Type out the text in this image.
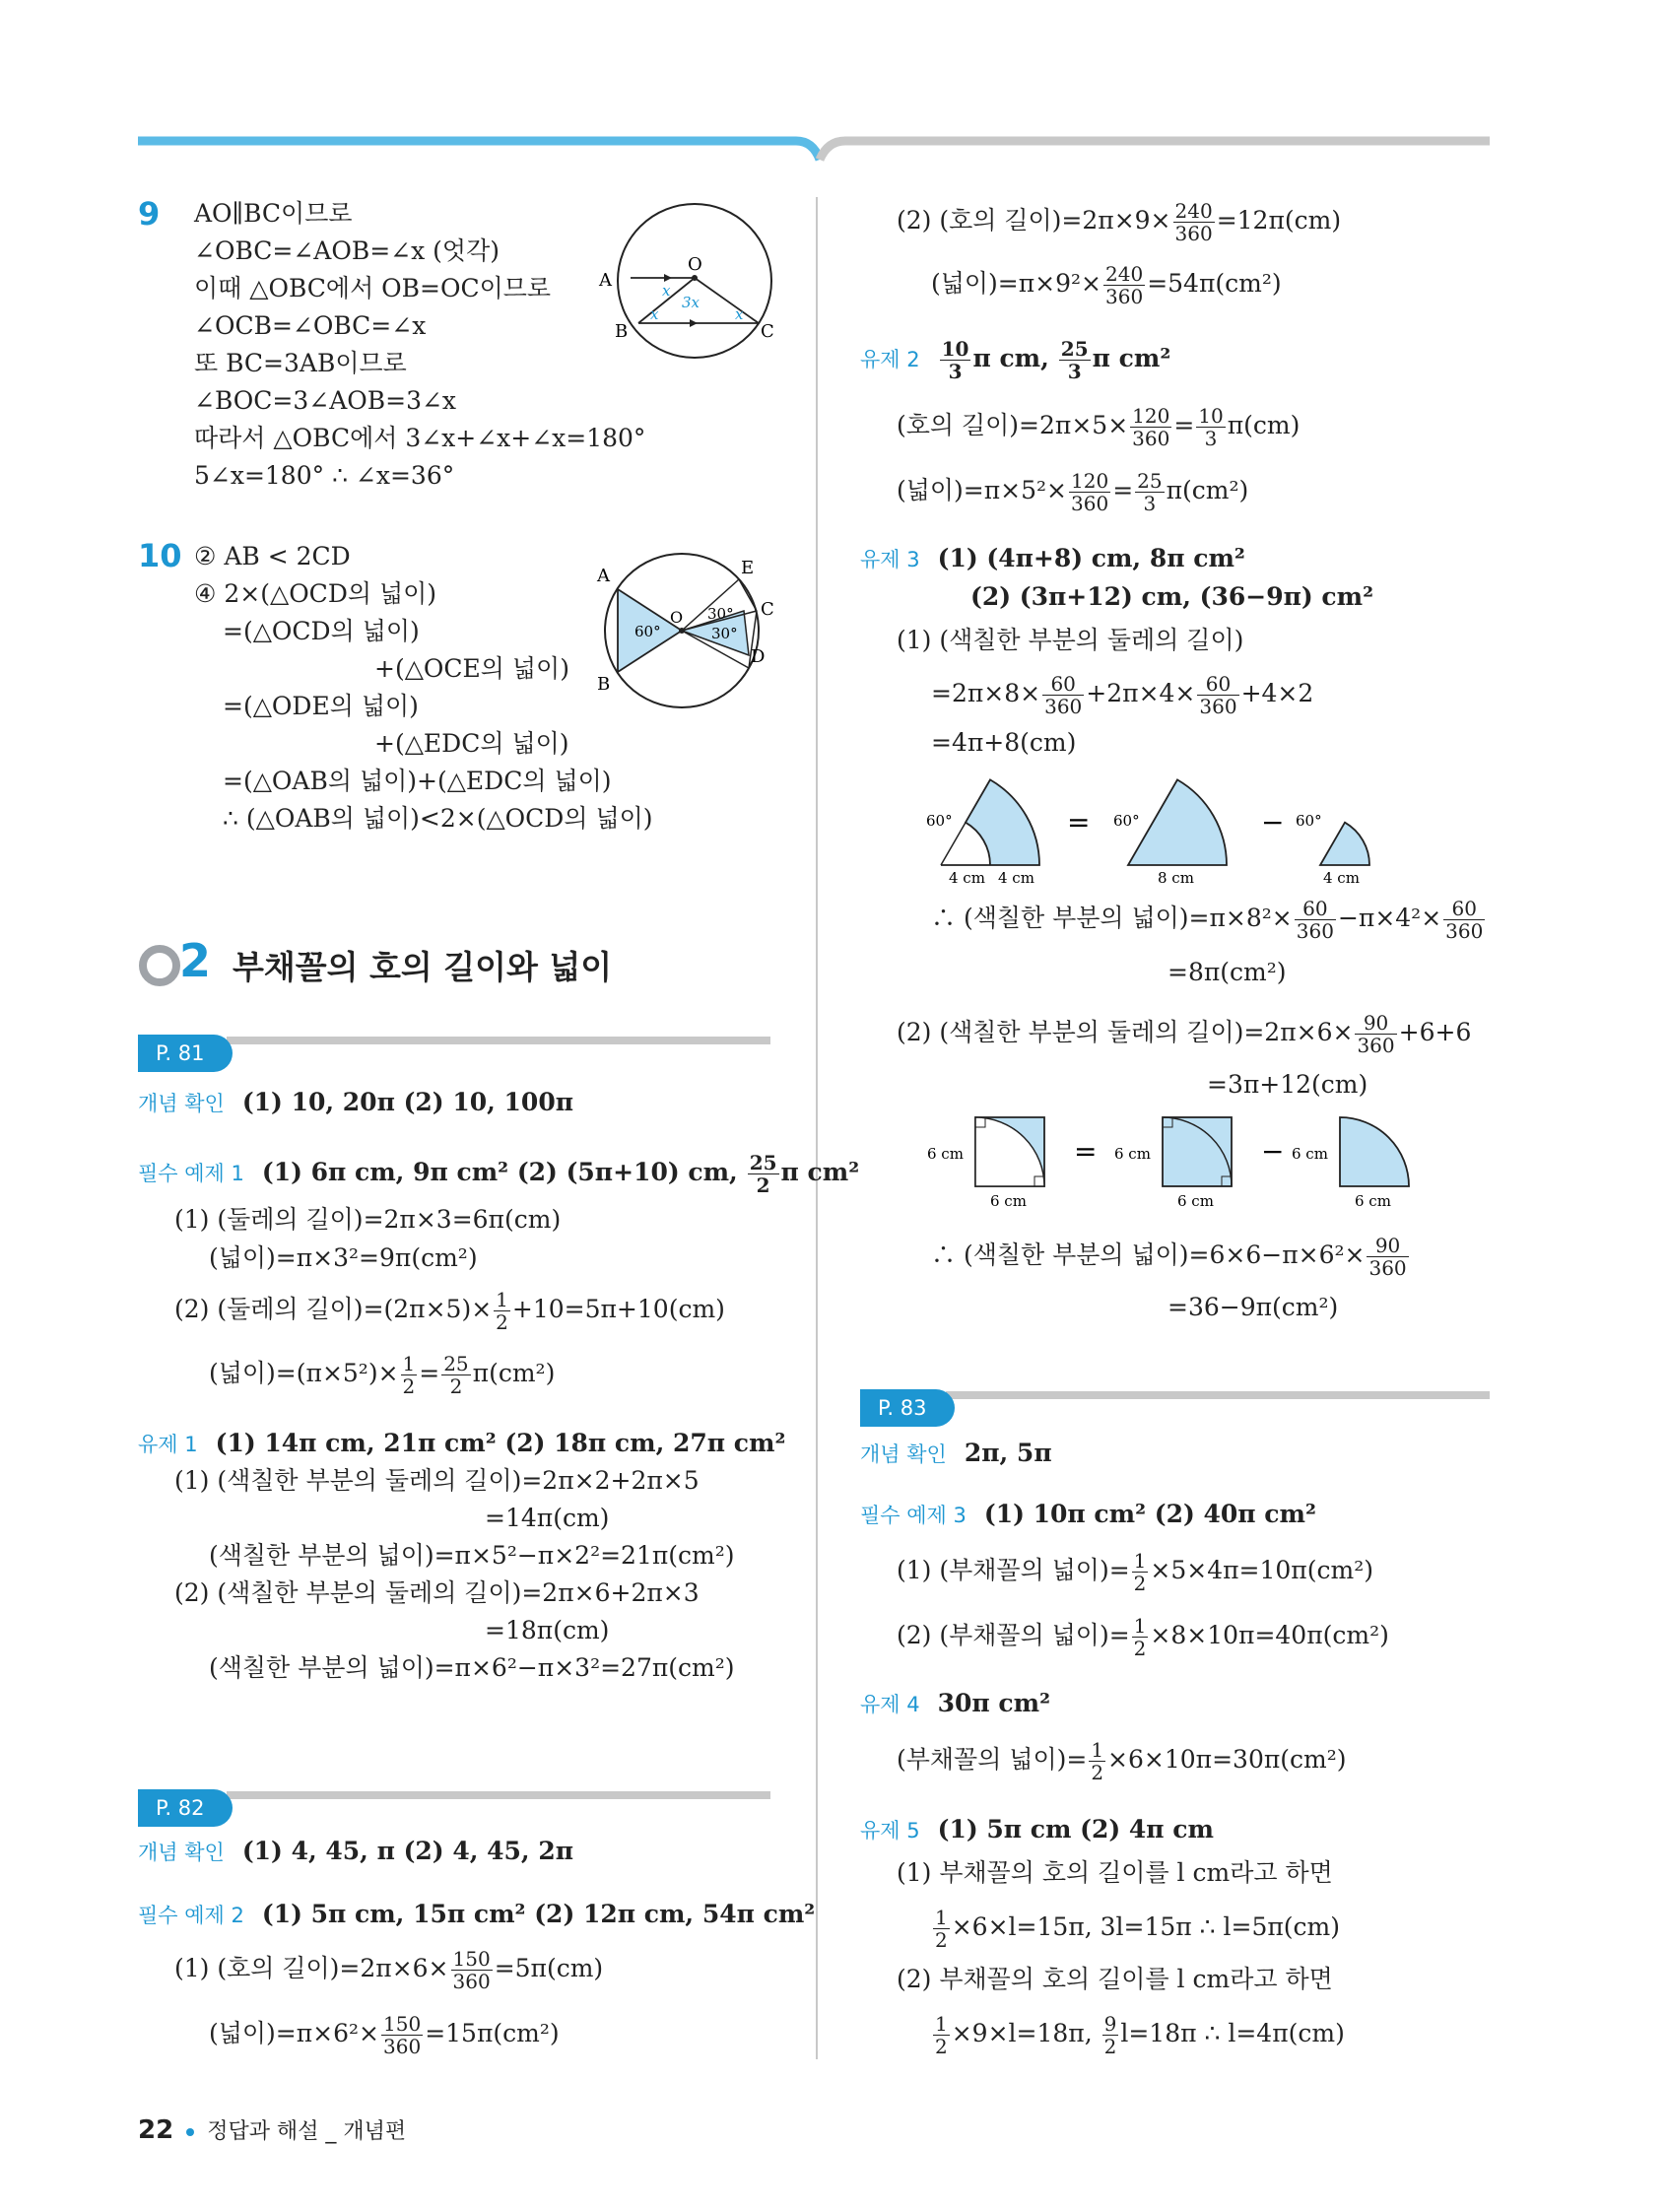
9 AO∥BC이므로
∠OBC=∠AOB=∠x (엇각)
이때 △OBC에서 OB=OC이므로
∠OCB=∠OBC=∠x
또 BC=3AB이므로
∠BOC=3∠AOB=3∠x
따라서 △OBC에서 3∠x+∠x+∠x=180°
5∠x=180° ∴ ∠x=36°
A
B	C
O
x
3x
x	x
10 ② AB < 2CD
④ 2×(△OCD의 넓이)
=(△OCD의 넓이)
+(△OCE의 넓이)
=(△ODE의 넓이)
+(△EDC의 넓이)
=(△OAB의 넓이)+(△EDC의 넓이)
∴ (△OAB의 넓이)<2×(△OCD의 넓이)
A
B
E
C
D
O
60°
30°
30°
2 부채꼴의 호의 길이와 넓이
P. 81
개념 확인 (1) 10, 20π (2) 10, 100π
필수 예제 1 (1) 6π cm, 9π cm² (2) (5π+10) cm, $\frac{25}{2}$ π cm²
(1) (둘레의 길이)=2π×3=6π(cm)
(넓이)=π×3²=9π(cm²)
(2) (둘레의 길이)$=(2\pi\times 5)\times \frac{1}{2} +10=5\pi+10(cm)$
(넓이)$=(\pi\times 5^2)\times \frac{1}{2} = \frac{25}{2} \pi(cm^2)$
유제 1 (1) 14π cm, 21π cm² (2) 18π cm, 27π cm²
(1) (색칠한 부분의 둘레의 길이)=2π×2+2π×5
=14π(cm)
(색칠한 부분의 넓이)=π×5²−π×2²=21π(cm²)
(2) (색칠한 부분의 둘레의 길이)=2π×6+2π×3
=18π(cm)
(색칠한 부분의 넓이)=π×6²−π×3²=27π(cm²)
P. 82
개념 확인 (1) 4, 45, π (2) 4, 45, 2π
필수 예제 2 (1) 5π cm, 15π cm² (2) 12π cm, 54π cm²
(1) (호의 길이)$=2\pi\times 6\times \frac{150}{360} =5\pi(cm)$
(넓이)$=\pi\times 6^2\times \frac{150}{360} =15\pi(cm^2)$
22 정답과 해설 _ 개념편
(2) (호의 길이)$=2\pi\times 9\times \frac{240}{360} =12\pi(cm)$
(넓이)$=\pi\times 9^2\times \frac{240}{360} =54\pi(cm^2)$
유제 $2 \frac{10}{3}$ π cm, $\frac{25}{3}$ π cm²
(호의 길이)$=2\pi\times 5\times \frac{120}{360} = \frac{10}{3} \pi(cm)$
(넓이)$=\pi\times 5^2\times \frac{120}{360} = \frac{25}{3} \pi(cm^2)$
유제 3 (1) (4π+8) cm, 8π cm²
(2) (3π+12) cm, (36−9π) cm²
(1) (색칠한 부분의 둘레의 길이)
$=2\pi\times 8\times \frac{60}{360} +2\pi\times 4\times \frac{60}{360} +4\times 2$
=4π+8(cm)
60°
4 cm 4 cm
= 60°
8 cm
− 60°
4 cm
∴ (색칠한 부분의 넓이)$=\pi\times 8^2\times \frac{60}{360} -\pi\times 4^2\times \frac{60}{360}$
=8π(cm²)
(2) (색칠한 부분의 둘레의 길이)$=2\pi\times 6\times \frac{90}{360} +6+6$
=3π+12(cm)
6 cm
6 cm
= 6 cm
6 cm
− 6 cm
6 cm
∴ (색칠한 부분의 넓이)$=6\times 6-\pi\times 6^2\times \frac{90}{360}$
=36−9π(cm²)
P. 83
개념 확인 2π, 5π
필수 예제 3 (1) 10π cm² (2) 40π cm²
(1) (부채꼴의 넓이)= $\frac{1}{2} \times 5\times 4\pi=10\pi(cm^2)$
(2) (부채꼴의 넓이)= $\frac{1}{2} \times 8\times 10\pi=40\pi(cm^2)$
유제 4 30π cm²
(부채꼴의 넓이)= $\frac{1}{2} \times 6\times 10\pi=30\pi(cm^2)$
유제 5 (1) 5π cm (2) 4π cm
(1) 부채꼴의 호의 길이를 l cm라고 하면
$\frac{1}{2} \times 6\times l=15\pi$, 3l=15π ∴ l=5π(cm)
(2) 부채꼴의 호의 길이를 l cm라고 하면
$\frac{1}{2} \times 9\times l=18\pi$, $\frac{9}{2} l=18\pi$ ∴ l=4π(cm)
